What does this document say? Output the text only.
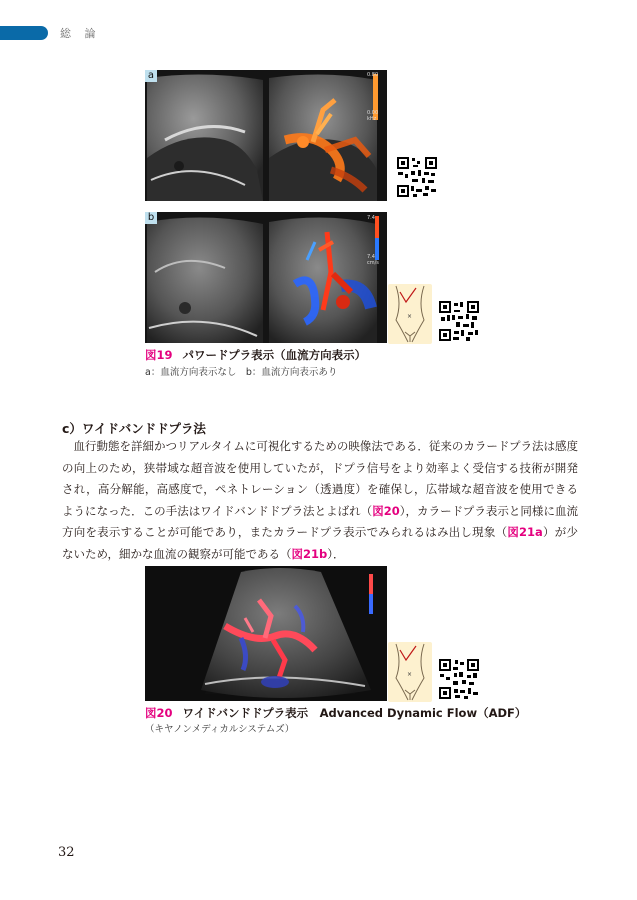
総 論
0.80
0.00
kHz
a
7.4
7.4
cm/s
b
×
図19 パワードプラ表示（血流方向表示）
a：血流方向表示なし　b：血流方向表示あり
c）ワイドバンドドプラ法

血行動態を詳細かつリアルタイムに可視化するための映像法である．従来のカラードプラ法は感度の向上のため，狭帯域な超音波を使用していたが，ドプラ信号をより効率よく受信する技術が開発され，高分解能，高感度で，ペネトレーション（透過度）を確保し，広帯域な超音波を使用できるようになった．この手法はワイドバンドドプラ法とよばれ（図20），カラードプラ表示と同様に血流方向を表示することが可能であり，またカラードプラ表示でみられるはみ出し現象（図21a）が少ないため，細かな血流の観察が可能である（図21b）．

×
図20 ワイドバンドドプラ表示　Advanced Dynamic Flow（ADF）
（キヤノンメディカルシステムズ）
32
